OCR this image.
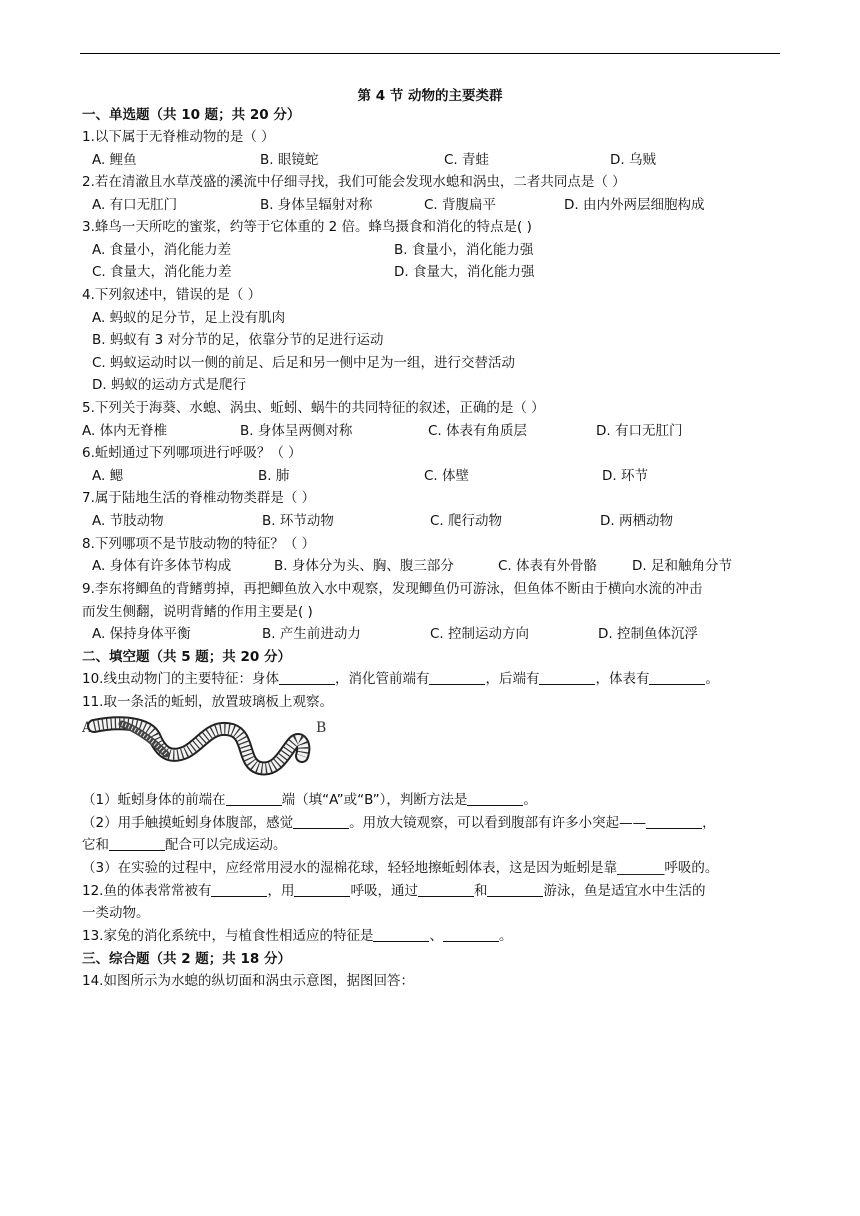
第 4 节 动物的主要类群
一、单选题（共 10 题；共 20 分）
1.以下属于无脊椎动物的是（ ）
A. 鲤鱼	B. 眼镜蛇	C. 青蛙	D. 乌贼
2.若在清澈且水草茂盛的溪流中仔细寻找，我们可能会发现水螅和涡虫，二者共同点是（ ）
A. 有口无肛门	B. 身体呈辐射对称	C. 背腹扁平	D. 由内外两层细胞构成
3.蜂鸟一天所吃的蜜浆，约等于它体重的 2 倍。蜂鸟摄食和消化的特点是( )
A. 食量小，消化能力差	B. 食量小，消化能力强
C. 食量大，消化能力差	D. 食量大，消化能力强
4.下列叙述中，错误的是（ ）
A. 蚂蚁的足分节，足上没有肌肉
B. 蚂蚁有 3 对分节的足，依靠分节的足进行运动
C. 蚂蚁运动时以一侧的前足、后足和另一侧中足为一组，进行交替活动
D. 蚂蚁的运动方式是爬行
5.下列关于海葵、水螅、涡虫、蚯蚓、蜗牛的共同特征的叙述，正确的是（ ）
A. 体内无脊椎	B. 身体呈两侧对称	C. 体表有角质层	D. 有口无肛门
6.蚯蚓通过下列哪项进行呼吸？（ ）
A. 鳃	B. 肺	C. 体壁	D. 环节
7.属于陆地生活的脊椎动物类群是（ ）
A. 节肢动物	B. 环节动物	C. 爬行动物	D. 两栖动物
8.下列哪项不是节肢动物的特征？（ ）
A. 身体有许多体节构成	B. 身体分为头、胸、腹三部分	C. 体表有外骨骼	D. 足和触角分节
9.李东将鲫鱼的背鳍剪掉，再把鲫鱼放入水中观察，发现鲫鱼仍可游泳，但鱼体不断由于横向水流的冲击
而发生侧翻，说明背鳍的作用主要是( )
A. 保持身体平衡	B. 产生前进动力	C. 控制运动方向	D. 控制鱼体沉浮
二、填空题（共 5 题；共 20 分）
10.线虫动物门的主要特征：身体	，消化管前端有	，后端有	，体表有	。
11.取一条活的蚯蚓，放置玻璃板上观察。
A	B
（1）蚯蚓身体的前端在	端（填“A”或“B”），判断方法是	。
（2）用手触摸蚯蚓身体腹部，感觉	。用放大镜观察，可以看到腹部有许多小突起——	，
它和	配合可以完成运动。
（3）在实验的过程中，应经常用浸水的湿棉花球，轻轻地擦蚯蚓体表，这是因为蚯蚓是靠_______呼吸的。
12.鱼的体表常常被有	，用	呼吸，通过	和	游泳，鱼是适宜水中生活的
一类动物。
13.家兔的消化系统中，与植食性相适应的特征是	、	。
三、综合题（共 2 题；共 18 分）
14.如图所示为水螅的纵切面和涡虫示意图，据图回答：
